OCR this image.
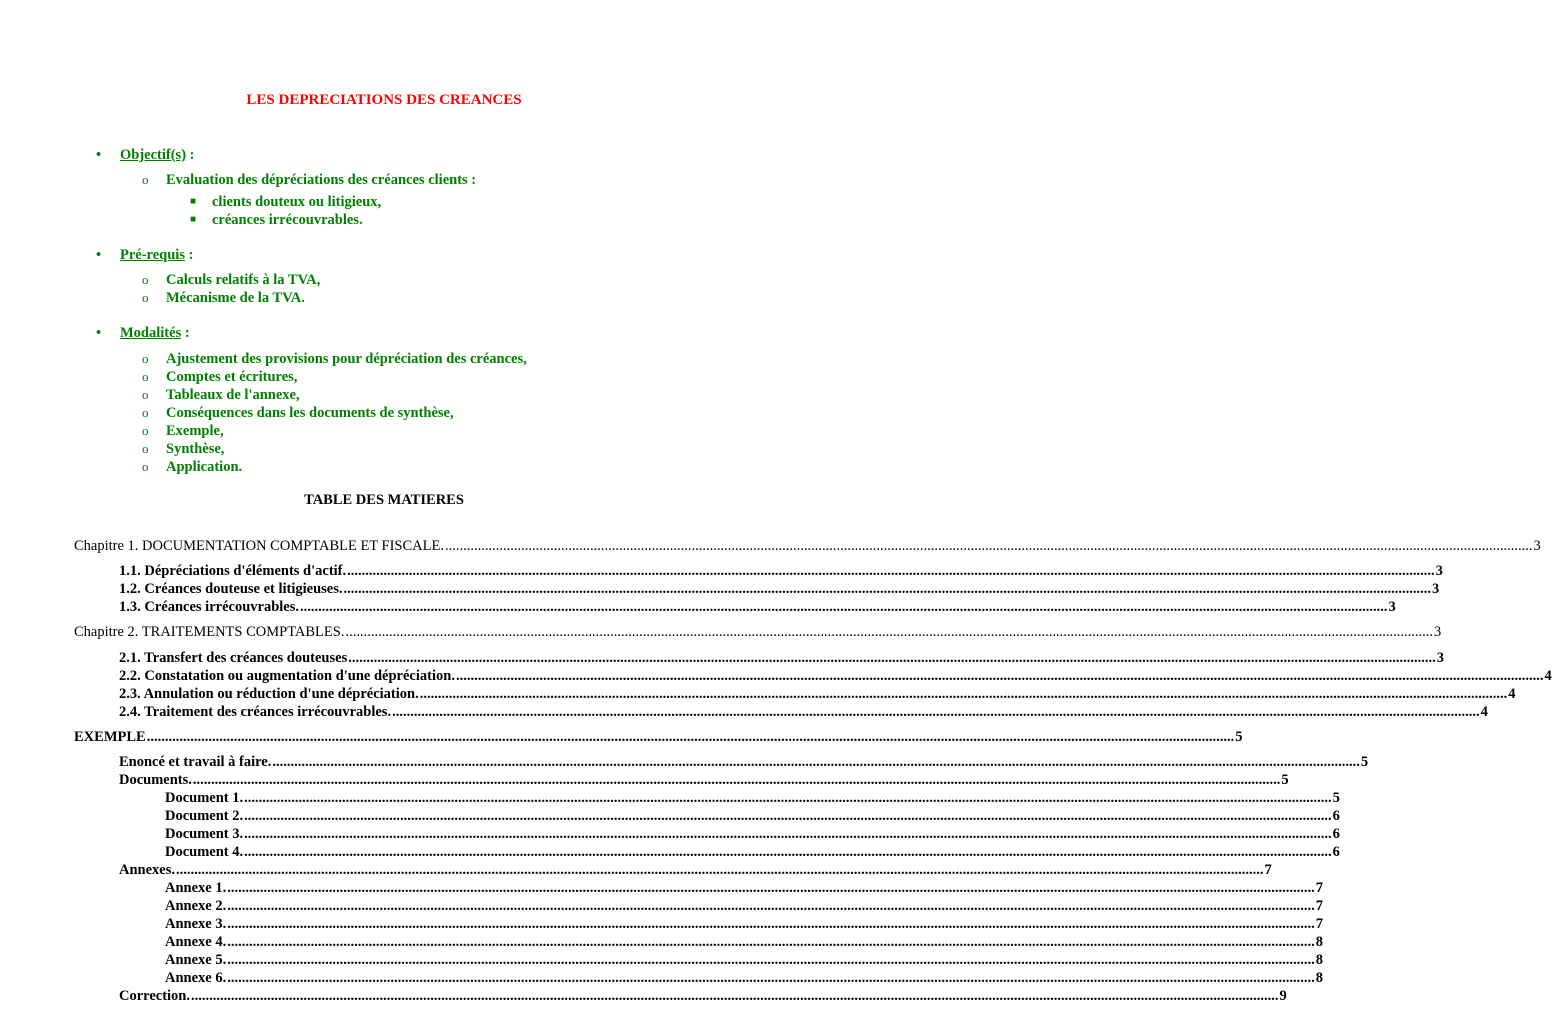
LES DEPRECIATIONS DES CREANCES
• Objectif(s) :
o Evaluation des dépréciations des créances clients :
■ clients douteux ou litigieux,
■ créances irrécouvrables.
• Pré-requis :
o Calculs relatifs à la TVA,
o Mécanisme de la TVA.
• Modalités :
o Ajustement des provisions pour dépréciation des créances,
o Comptes et écritures,
o Tableaux de l'annexe,
o Conséquences dans les documents de synthèse,
o Exemple,
o Synthèse,
o Application.
TABLE DES MATIERES
Chapitre 1. DOCUMENTATION COMPTABLE ET FISCALE. ............................................................................................................................................................................................................................................................................................................ 3
1.1. Dépréciations d'éléments d'actif. ............................................................................................................................................................................................................................................................................................................ 3
1.2. Créances douteuse et litigieuses. ............................................................................................................................................................................................................................................................................................................ 3
1.3. Créances irrécouvrables. ............................................................................................................................................................................................................................................................................................................ 3
Chapitre 2. TRAITEMENTS COMPTABLES. ............................................................................................................................................................................................................................................................................................................ 3
2.1. Transfert des créances douteuses ............................................................................................................................................................................................................................................................................................................ 3
2.2. Constatation ou augmentation d'une dépréciation. ............................................................................................................................................................................................................................................................................................................ 4
2.3. Annulation ou réduction d'une dépréciation. ............................................................................................................................................................................................................................................................................................................ 4
2.4. Traitement des créances irrécouvrables. ............................................................................................................................................................................................................................................................................................................ 4
EXEMPLE ............................................................................................................................................................................................................................................................................................................ 5
Enoncé et travail à faire. ............................................................................................................................................................................................................................................................................................................ 5
Documents. ............................................................................................................................................................................................................................................................................................................ 5
Document 1. ............................................................................................................................................................................................................................................................................................................ 5
Document 2. ............................................................................................................................................................................................................................................................................................................ 6
Document 3. ............................................................................................................................................................................................................................................................................................................ 6
Document 4. ............................................................................................................................................................................................................................................................................................................ 6
Annexes. ............................................................................................................................................................................................................................................................................................................ 7
Annexe 1. ............................................................................................................................................................................................................................................................................................................ 7
Annexe 2. ............................................................................................................................................................................................................................................................................................................ 7
Annexe 3. ............................................................................................................................................................................................................................................................................................................ 7
Annexe 4. ............................................................................................................................................................................................................................................................................................................ 8
Annexe 5. ............................................................................................................................................................................................................................................................................................................ 8
Annexe 6. ............................................................................................................................................................................................................................................................................................................ 8
Correction. ............................................................................................................................................................................................................................................................................................................ 9
